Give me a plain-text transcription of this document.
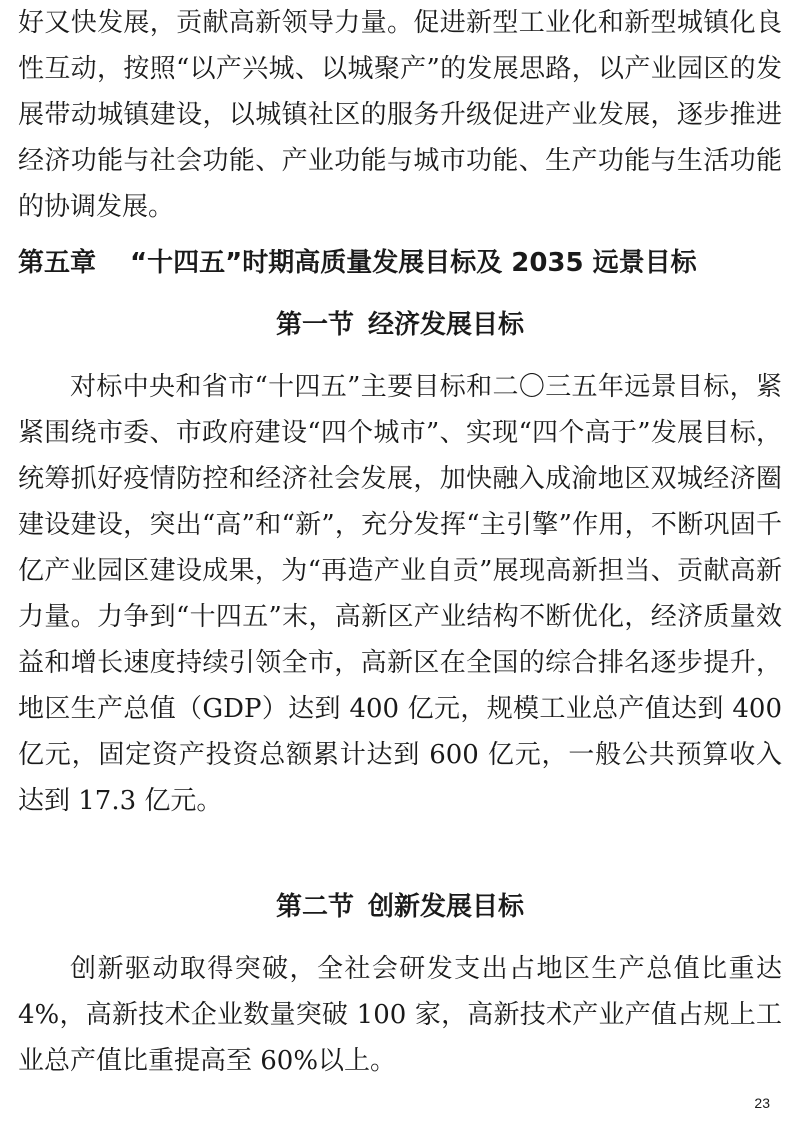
好又快发展，贡献高新领导力量。促进新型工业化和新型城镇化良性互动，按照“以产兴城、以城聚产”的发展思路，以产业园区的发展带动城镇建设，以城镇社区的服务升级促进产业发展，逐步推进经济功能与社会功能、产业功能与城市功能、生产功能与生活功能的协调发展。

第五章 “十四五”时期高质量发展目标及 2035 远景目标
第一节 经济发展目标

对标中央和省市“十四五”主要目标和二〇三五年远景目标，紧紧围绕市委、市政府建设“四个城市”、实现“四个高于”发展目标，统筹抓好疫情防控和经济社会发展，加快融入成渝地区双城经济圈建设建设，突出“高”和“新”，充分发挥“主引擎”作用，不断巩固千亿产业园区建设成果，为“再造产业自贡”展现高新担当、贡献高新力量。力争到“十四五”末，高新区产业结构不断优化，经济质量效益和增长速度持续引领全市，高新区在全国的综合排名逐步提升，地区生产总值（GDP）达到 400 亿元，规模工业总产值达到 400 亿元，固定资产投资总额累计达到 600 亿元，一般公共预算收入达到 17.3 亿元。

第二节 创新发展目标

创新驱动取得突破，全社会研发支出占地区生产总值比重达 4%，高新技术企业数量突破 100 家，高新技术产业产值占规上工业总产值比重提高至 60%以上。

23
